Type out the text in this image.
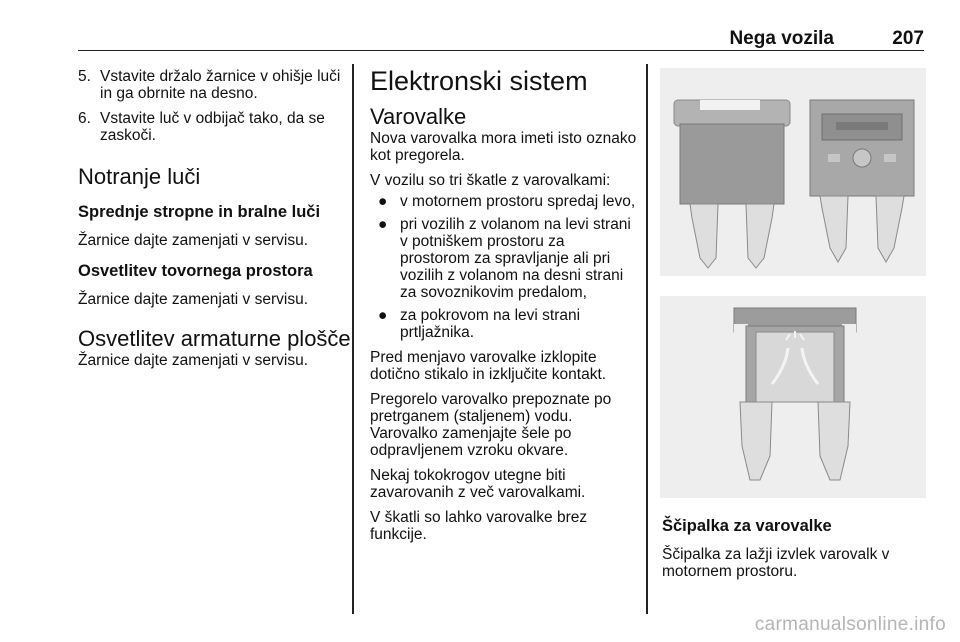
Nega vozila	207
5. Vstavite držalo žarnice v ohišje luči in ga obrnite na desno.
6. Vstavite luč v odbijač tako, da se zaskoči.
Notranje luči
Sprednje stropne in bralne luči

Žarnice dajte zamenjati v servisu.

Osvetlitev tovornega prostora

Žarnice dajte zamenjati v servisu.

Osvetlitev armaturne plošče

Žarnice dajte zamenjati v servisu.

Elektronski sistem
Varovalke

Nova varovalka mora imeti isto oznako kot pregorela.

V vozilu so tri škatle z varovalkami:

● v motornem prostoru spredaj levo,
● pri vozilih z volanom na levi strani v potniškem prostoru za prostorom za spravljanje ali pri vozilih z volanom na desni strani za sovoznikovim predalom,
● za pokrovom na levi strani prtljažnika.

Pred menjavo varovalke izklopite dotično stikalo in izključite kontakt.

Pregorelo varovalko prepoznate po pretrganem (staljenem) vodu. Varovalko zamenjajte šele po odpravljenem vzroku okvare.

Nekaj tokokrogov utegne biti zavarovanih z več varovalkami.

V škatli so lahko varovalke brez funkcije.	Ščipalka za varovalke

Ščipalka za lažji izvlek varovalk v motornem prostoru.

carmanualsonline.info
